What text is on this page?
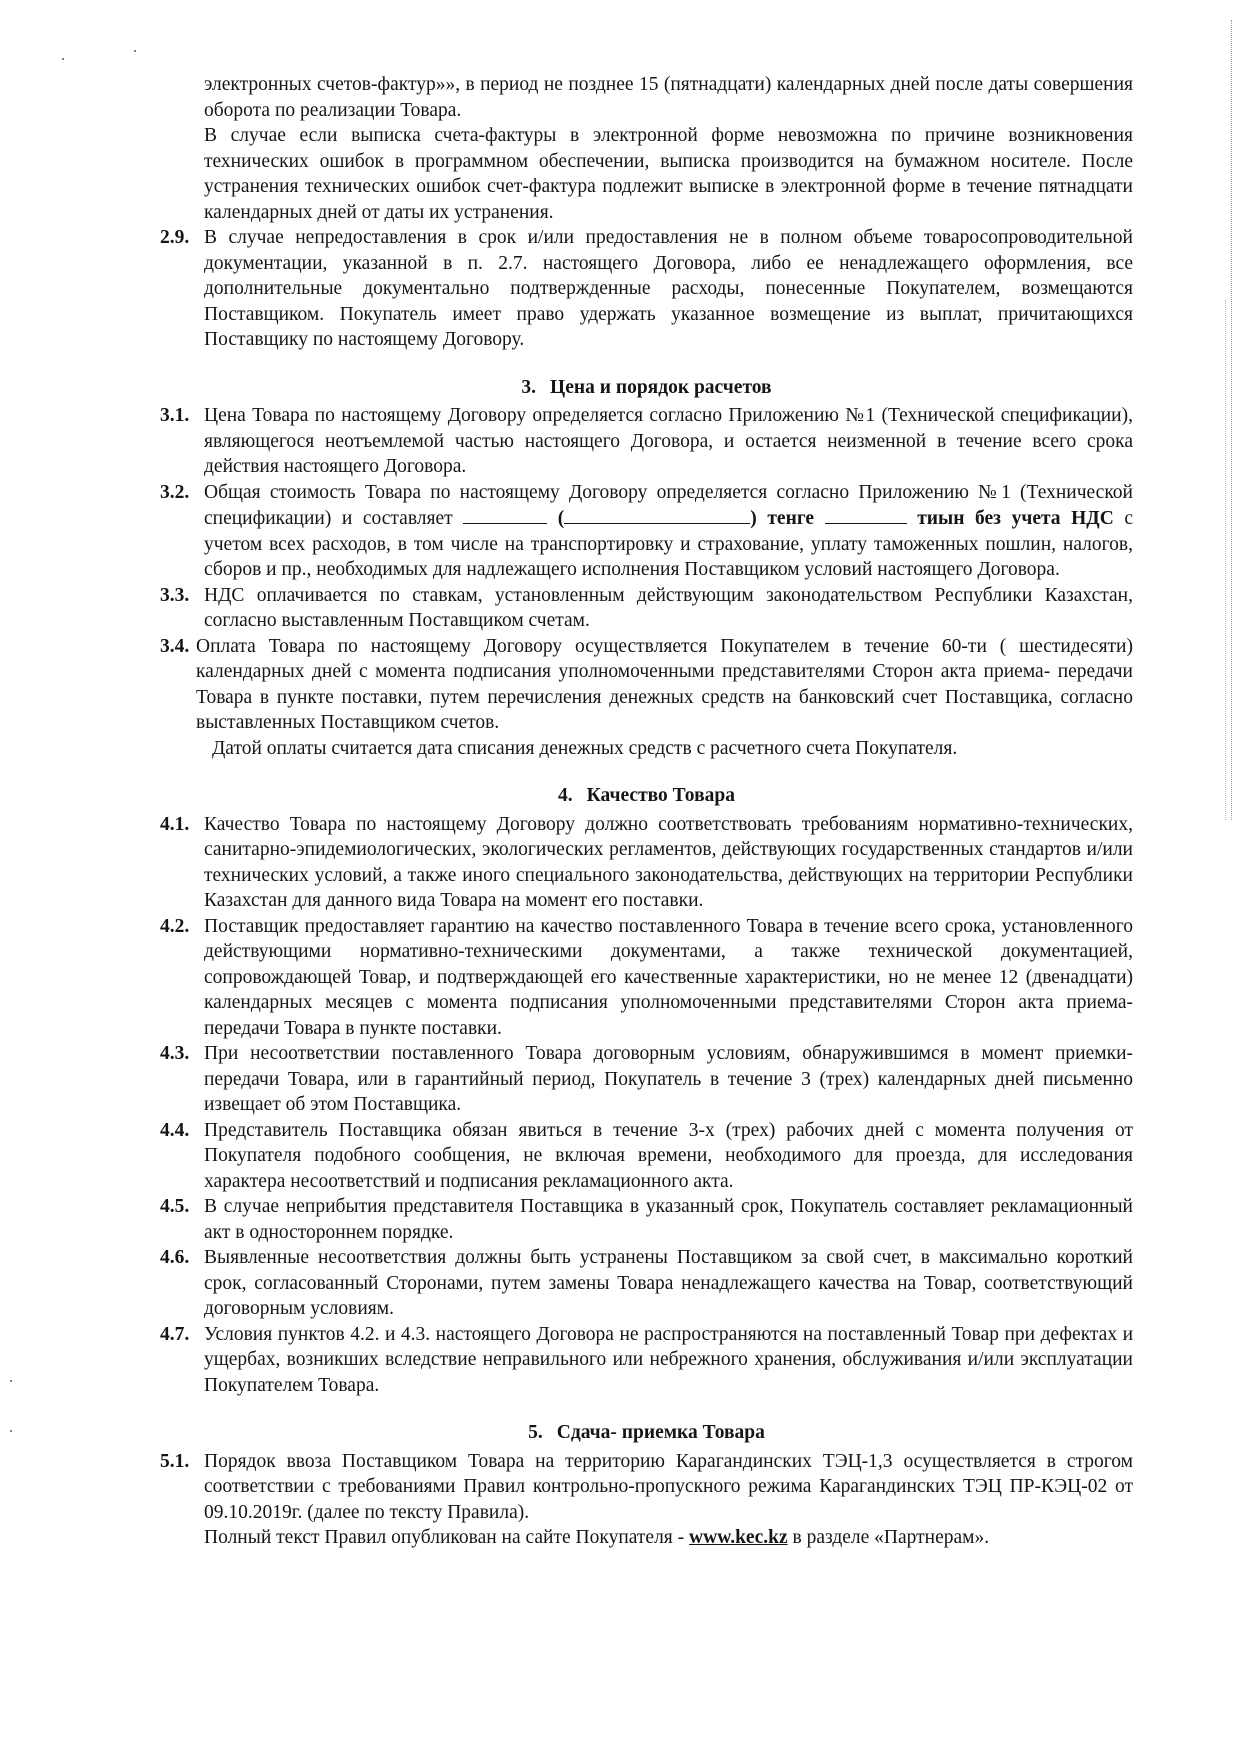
электронных счетов-фактур»», в период не позднее 15 (пятнадцати) календарных дней после даты совершения оборота по реализации Товара.

В случае если выписка счета-фактуры в электронной форме невозможна по причине возникновения технических ошибок в программном обеспечении, выписка производится на бумажном носителе. После устранения технических ошибок счет-фактура подлежит выписке в электронной форме в течение пятнадцати календарных дней от даты их устранения.

2.9. В случае непредоставления в срок и/или предоставления не в полном объеме товаросопроводительной документации, указанной в п. 2.7. настоящего Договора, либо ее ненадлежащего оформления, все дополнительные документально подтвержденные расходы, понесенные Покупателем, возмещаются Поставщиком. Покупатель имеет право удержать указанное возмещение из выплат, причитающихся Поставщику по настоящему Договору.
3. Цена и порядок расчетов
3.1. Цена Товара по настоящему Договору определяется согласно Приложению №1 (Технической спецификации), являющегося неотъемлемой частью настоящего Договора, и остается неизменной в течение всего срока действия настоящего Договора.
3.2. Общая стоимость Товара по настоящему Договору определяется согласно Приложению №1 (Технической спецификации) и составляет	(	) тенге	тиын без учета НДС с учетом всех расходов, в том числе на транспортировку и страхование, уплату таможенных пошлин, налогов, сборов и пр., необходимых для надлежащего исполнения Поставщиком условий настоящего Договора.
3.3. НДС оплачивается по ставкам, установленным действующим законодательством Республики Казахстан, согласно выставленным Поставщиком счетам.
3.4. Оплата Товара по настоящему Договору осуществляется Покупателем в течение 60-ти ( шестидесяти) календарных дней с момента подписания уполномоченными представителями Сторон акта приема- передачи Товара в пункте поставки, путем перечисления денежных средств на банковский счет Поставщика, согласно выставленных Поставщиком счетов.

Датой оплаты считается дата списания денежных средств с расчетного счета Покупателя.

4. Качество Товара
4.1. Качество Товара по настоящему Договору должно соответствовать требованиям нормативно-технических, санитарно-эпидемиологических, экологических регламентов, действующих государственных стандартов и/или технических условий, а также иного специального законодательства, действующих на территории Республики Казахстан для данного вида Товара на момент его поставки.
4.2. Поставщик предоставляет гарантию на качество поставленного Товара в течение всего срока, установленного действующими нормативно-техническими документами, а также технической документацией, сопровождающей Товар, и подтверждающей его качественные характеристики, но не менее 12 (двенадцати) календарных месяцев с момента подписания уполномоченными представителями Сторон акта приема-передачи Товара в пункте поставки.
4.3. При несоответствии поставленного Товара договорным условиям, обнаружившимся в момент приемки-передачи Товара, или в гарантийный период, Покупатель в течение 3 (трех) календарных дней письменно извещает об этом Поставщика.
4.4. Представитель Поставщика обязан явиться в течение 3-х (трех) рабочих дней с момента получения от Покупателя подобного сообщения, не включая времени, необходимого для проезда, для исследования характера несоответствий и подписания рекламационного акта.
4.5. В случае неприбытия представителя Поставщика в указанный срок, Покупатель составляет рекламационный акт в одностороннем порядке.
4.6. Выявленные несоответствия должны быть устранены Поставщиком за свой счет, в максимально короткий срок, согласованный Сторонами, путем замены Товара ненадлежащего качества на Товар, соответствующий договорным условиям.
4.7. Условия пунктов 4.2. и 4.3. настоящего Договора не распространяются на поставленный Товар при дефектах и ущербах, возникших вследствие неправильного или небрежного хранения, обслуживания и/или эксплуатации Покупателем Товара.
5. Сдача- приемка Товара
5.1. Порядок ввоза Поставщиком Товара на территорию Карагандинских ТЭЦ-1,3 осуществляется в строгом соответствии с требованиями Правил контрольно-пропускного режима Карагандинских ТЭЦ ПР-КЭЦ-02 от 09.10.2019г. (далее по тексту Правила).
Полный текст Правил опубликован на сайте Покупателя - www.kec.kz в разделе «Партнерам».
